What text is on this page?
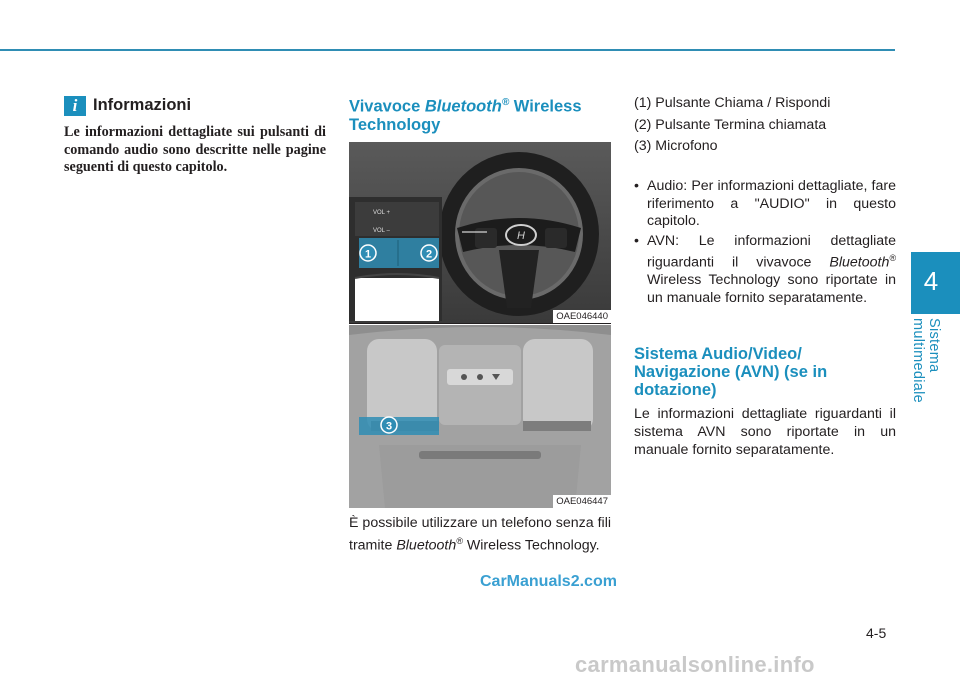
4
Sistema multimediale
i Informazioni
Le informazioni dettagliate sui pulsanti di comando audio sono descritte nelle pagine seguenti di questo capitolo.
Vivavoce Bluetooth® Wireless Technology
H
VOL +
VOL –
1	2
OAE046440
3
OAE046447
È possibile utilizzare un telefono senza fili tramite Bluetooth® Wireless Technology.
(1) Pulsante Chiama / Rispondi
(2) Pulsante Termina chiamata
(3) Microfono
• Audio: Per informazioni dettagliate, fare riferimento a "AUDIO" in questo capitolo.
• AVN: Le informazioni dettagliate riguardanti il vivavoce Bluetooth® Wireless Technology sono riportate in un manuale fornito separatamente.
Sistema Audio/Video/ Navigazione (AVN) (se in dotazione)
Le informazioni dettagliate riguardanti il sistema AVN sono riportate in un manuale fornito separatamente.
4-5
CarManuals2.com
carmanualsonline.info
